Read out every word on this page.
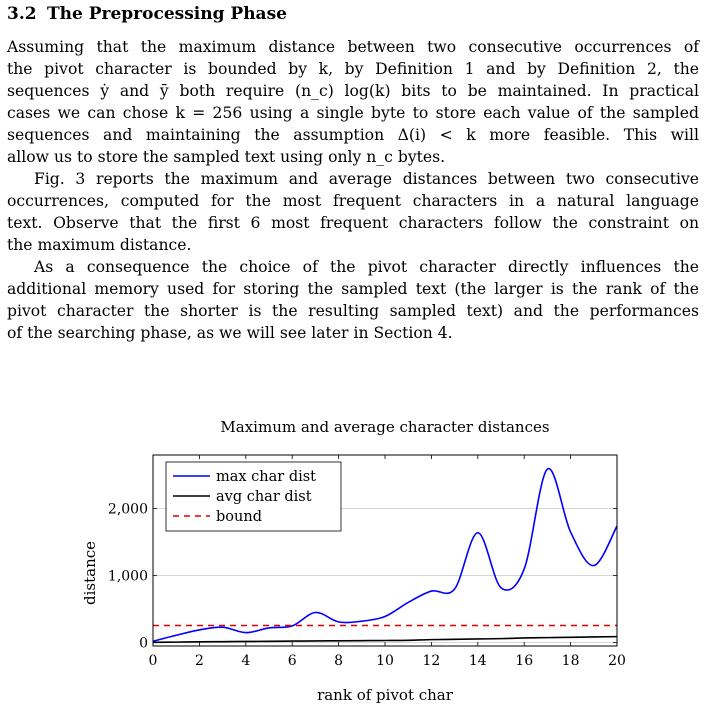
3.2 The Preprocessing Phase

Assuming that the maximum distance between two consecutive occurrences of
the pivot character is bounded by k, by Definition 1 and by Definition 2, the
sequences ẏ and ȳ both require (n_c) log(k) bits to be maintained. In practical
cases we can chose k = 256 using a single byte to store each value of the sampled
sequences and maintaining the assumption Δ(i) < k more feasible. This will
allow us to store the sampled text using only n_c bytes.

Fig. 3 reports the maximum and average distances between two consecutive
occurrences, computed for the most frequent characters in a natural language
text. Observe that the first 6 most frequent characters follow the constraint on
the maximum distance.

As a consequence the choice of the pivot character directly influences the
additional memory used for storing the sampled text (the larger is the rank of the
pivot character the shorter is the resulting sampled text) and the performances
of the searching phase, as we will see later in Section 4.

Maximum and average character distances
0	2	4	6	8 10 12 14 16 18 20
0
1,000
2,000
max char dist
avg char dist
bound
rank of pivot char
distance
